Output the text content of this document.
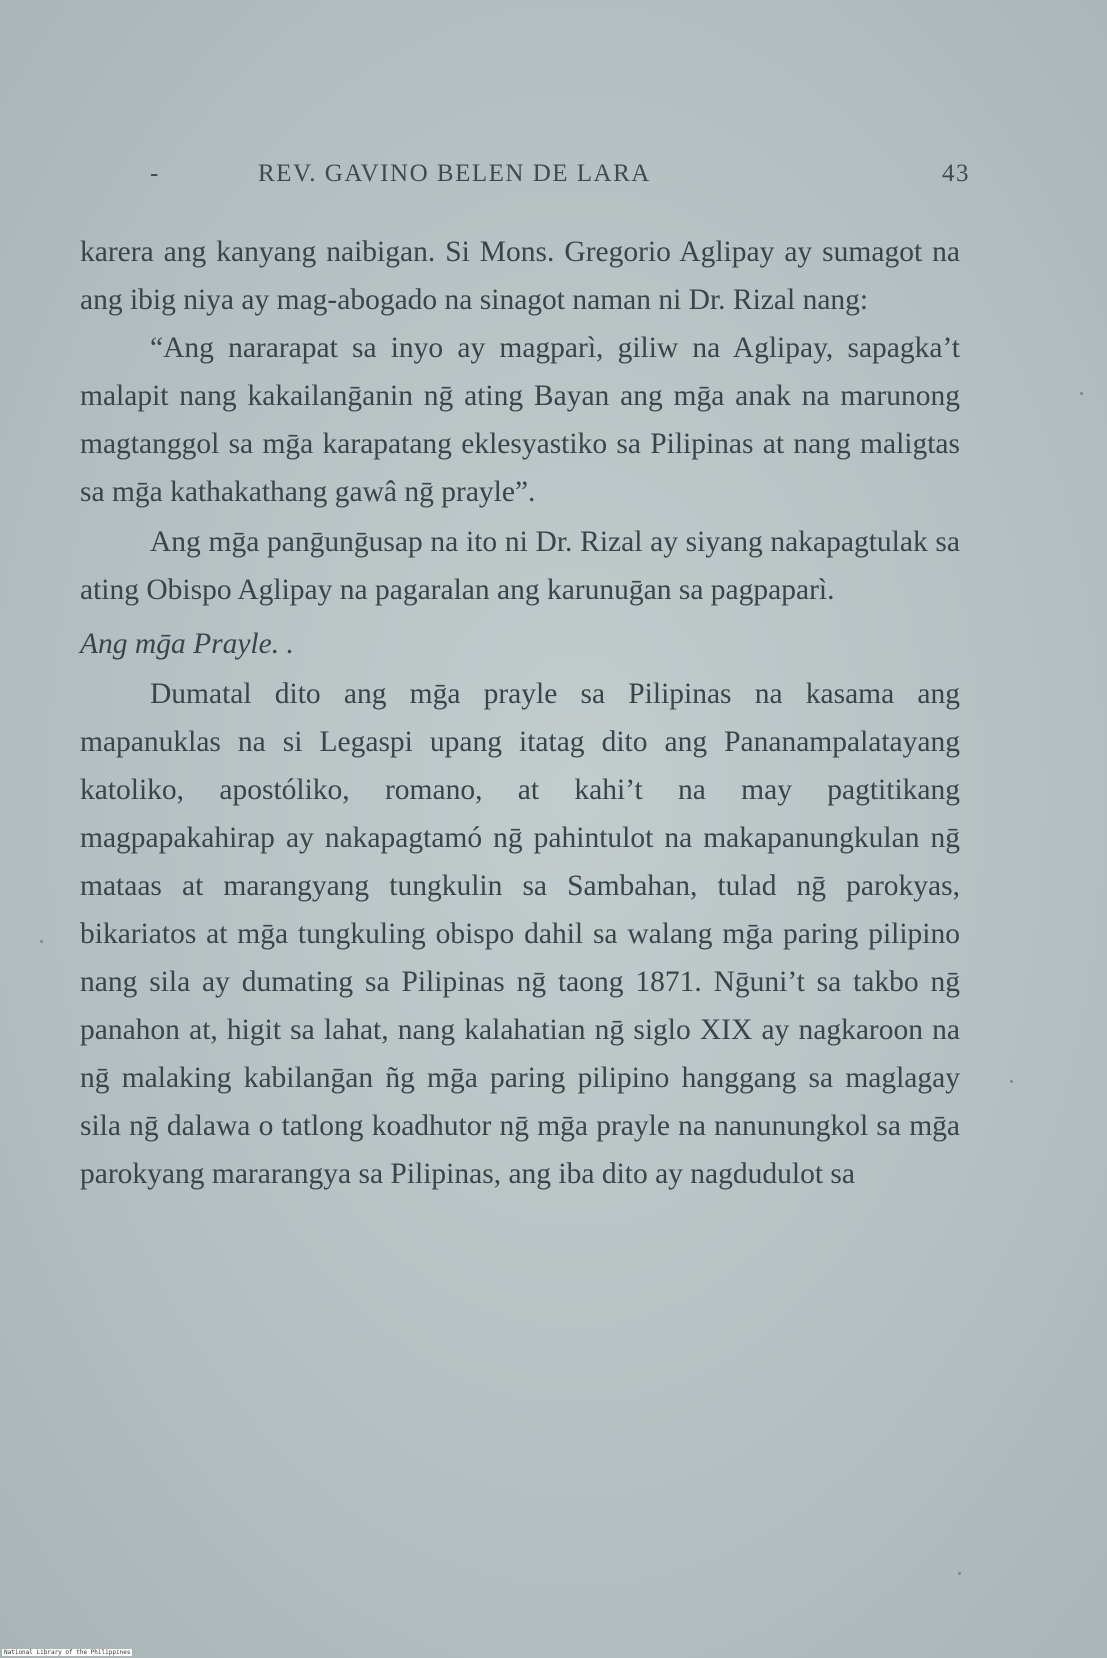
-	REV. GAVINO BELEN DE LARA	43

karera ang kanyang naibigan. Si Mons. Gregorio Aglipay ay sumagot na ang ibig niya ay mag-abogado na sinagot naman ni Dr. Rizal nang:

“Ang nararapat sa inyo ay magparì, giliw na Aglipay, sapagka’t malapit nang kakailanḡanin nḡ ating Bayan ang mḡa anak na marunong magtanggol sa mḡa karapatang eklesyastiko sa Pilipinas at nang maligtas sa mḡa kathakathang gawâ nḡ prayle”.

Ang mḡa panḡunḡusap na ito ni Dr. Rizal ay siyang nakapagtulak sa ating Obispo Aglipay na pagaralan ang karunuḡan sa pagpaparì.

Ang mḡa Prayle. .

Dumatal dito ang mḡa prayle sa Pilipinas na kasama ang mapanuklas na si Legaspi upang itatag dito ang Pananampalatayang katoliko, apostóliko, romano, at kahi’t na may pagtitikang magpapakahirap ay nakapagtamó nḡ pahintulot na makapanungkulan nḡ mataas at marangyang tungkulin sa Sambahan, tulad nḡ parokyas, bikariatos at mḡa tungkuling obispo dahil sa walang mḡa paring pilipino nang sila ay dumating sa Pilipinas nḡ taong 1871. Nḡuni’t sa takbo nḡ panahon at, higit sa lahat, nang kalahatian nḡ siglo XIX ay nagkaroon na nḡ malaking kabilanḡan ñg mḡa paring pilipino hanggang sa maglagay sila nḡ dalawa o tatlong koadhutor nḡ mḡa prayle na nanunungkol sa mḡa parokyang mararangya sa Pilipinas, ang iba dito ay nagdudulot sa

National Library of the Philippines
